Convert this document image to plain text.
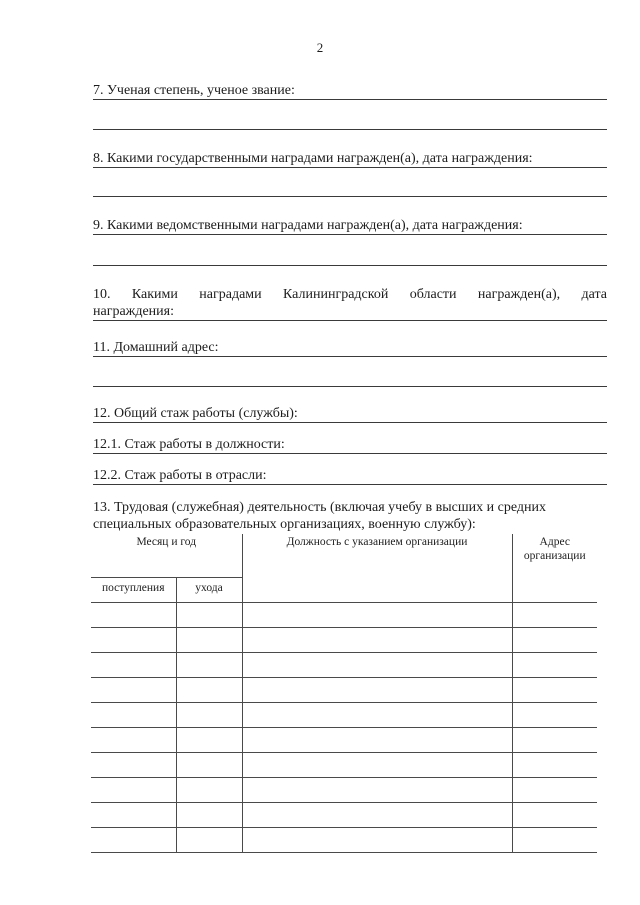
2
7. Ученая степень, ученое звание:
8. Какими государственными наградами награжден(а), дата награждения:
9. Какими ведомственными наградами награжден(а), дата награждения:
10. Какими наградами Калининградской области награжден(а), дата
награждения:
11. Домашний адрес:
12. Общий стаж работы (службы):
12.1. Стаж работы в должности:
12.2. Стаж работы в отрасли:
13. Трудовая (служебная) деятельность (включая учебу в высших и средних
специальных образовательных организациях, военную службу):
Месяц и год		Должность с указанием организации	Адрес организации
поступления	ухода		
